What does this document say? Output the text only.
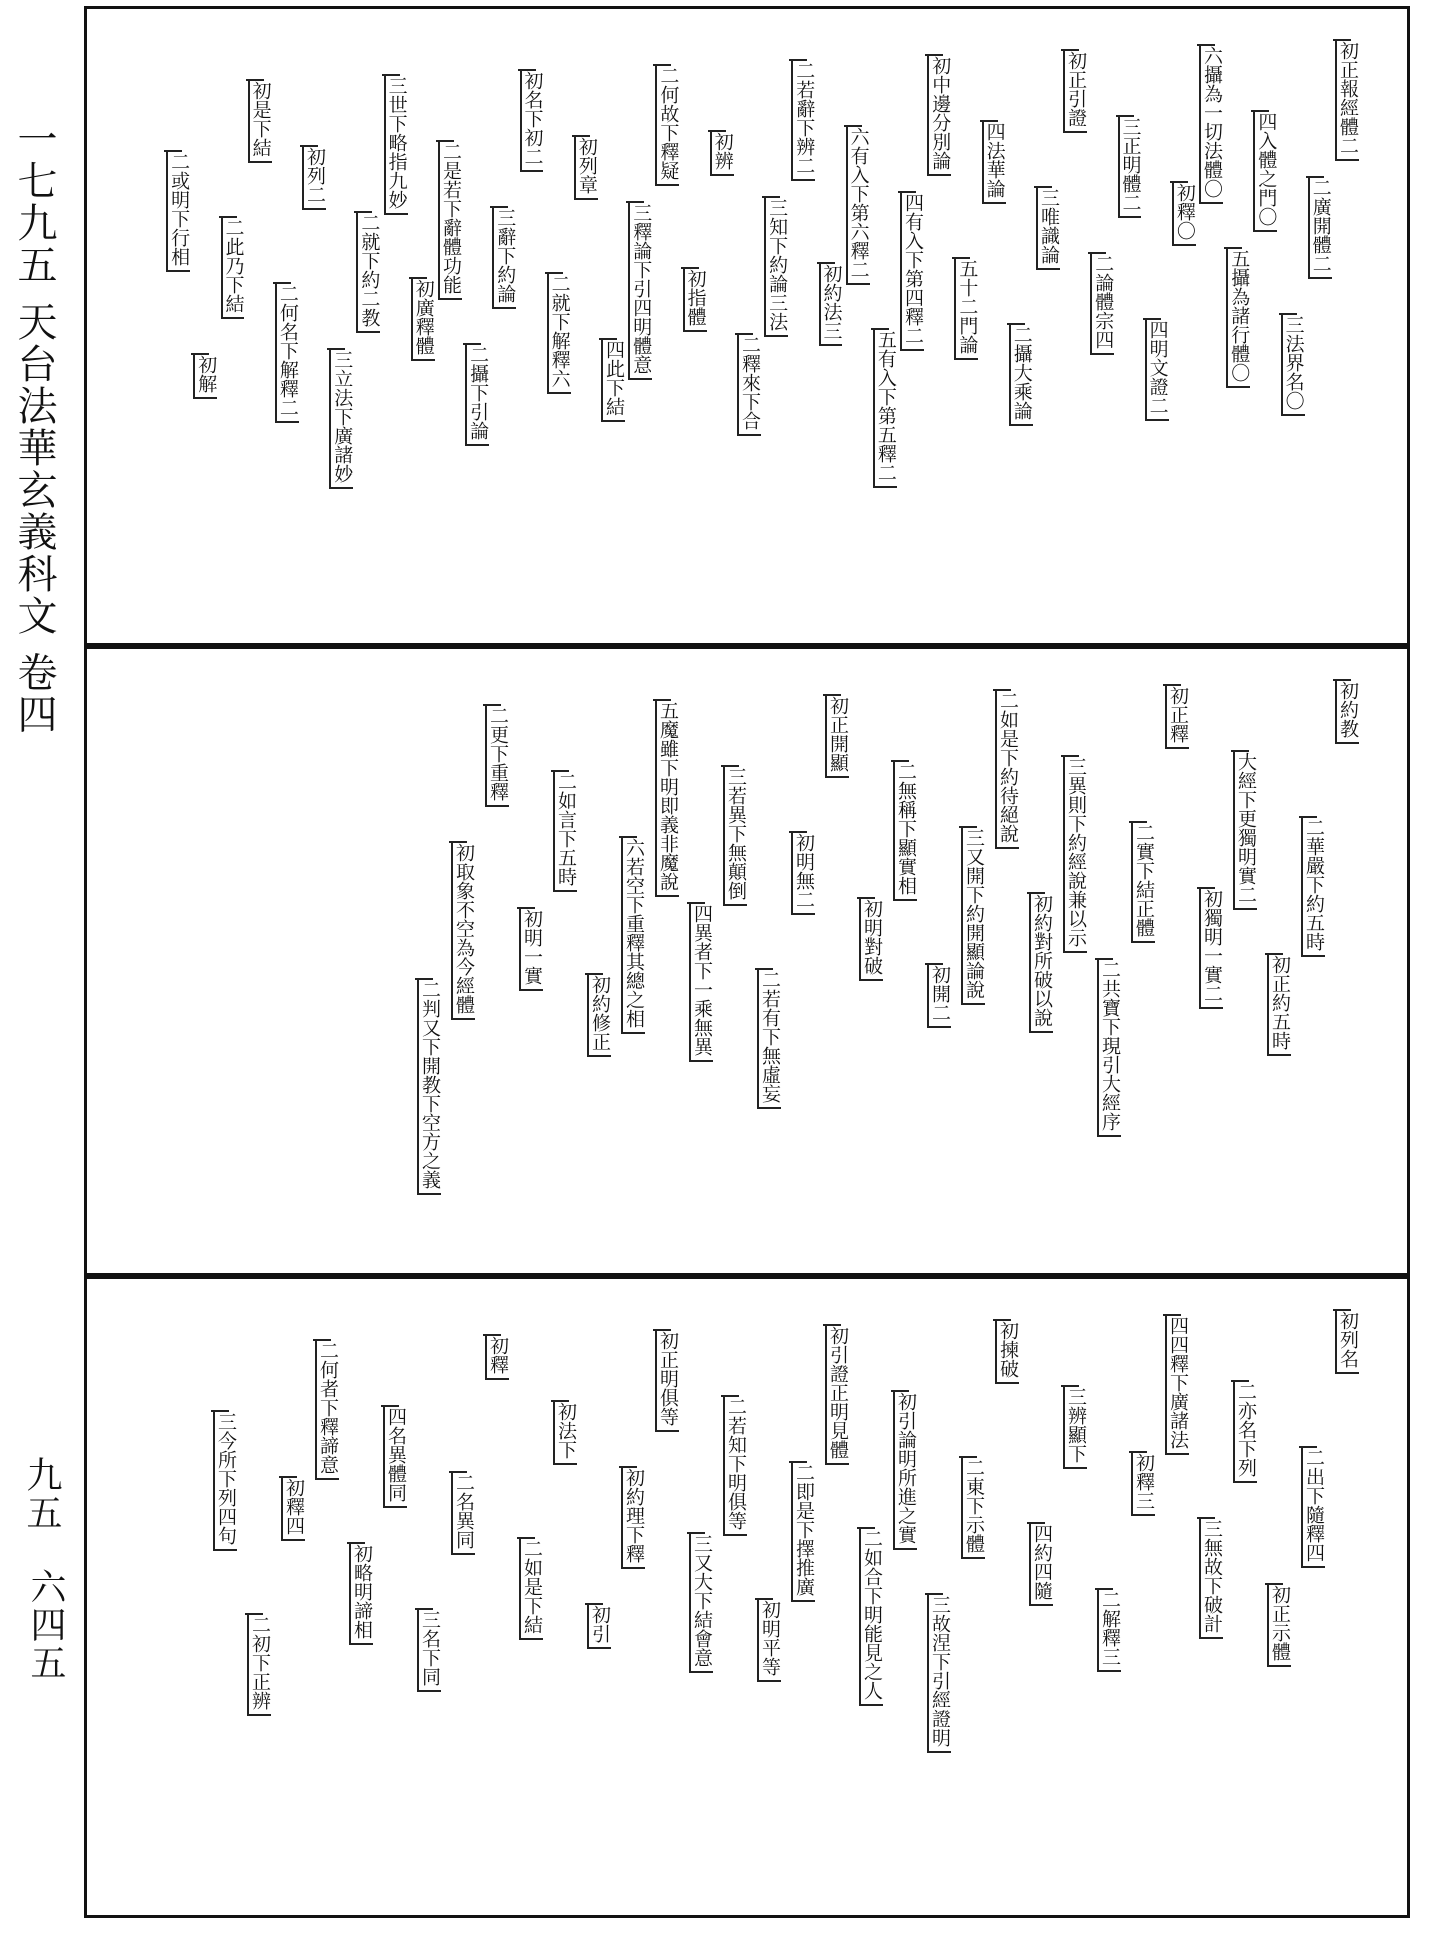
一七九五 天台法華玄義科文 卷四
九五
六四五
初正報經體二
二廣開體二
三法界名〇
四入體之門〇
五攝為諸行體〇
六攝為一切法體〇
初釋〇
四明文證二
三正明體二
二論體宗四
初正引證
三唯識論
二攝大乘論
四法華論
五十二門論
初中邊分別論
四有入下第四釋二
五有入下第五釋二
六有入下第六釋二
初約法三
二若辭下辨二
三知下約論三法
二釋來下合
初辨
初指體
二何故下釋疑
三釋論下引四明體意
四此下結
初列章
二就下解釋六
初名下初二
三辭下約論
二攝下引論
二是若下辭體功能
初廣釋體
三世下略指九妙
二就下約二教
三立法下廣諸妙
初列二
二何名下解釋二
初是下結
二此乃下結
初解
二或明下行相
初約教
二華嚴下約五時
初正約五時
大經下更獨明實二
初獨明一實二
初正釋
二實下結正體
二共寶下現引大經序
三異則下約經說兼以示
初約對所破以說
二如是下約待絕說
三又開下約開顯論說
初開二
二無稱下顯實相
初明對破
初正開顯
初明無二
二若有下無虛妄
三若異下無顛倒
四異者下一乘無異
五魔雖下明即義非魔說
六若空下重釋其總之相
初約修正
二如言下五時
初明一實
二更下重釋
初取象不空為今經體
二判又下開教下空方之義
初列名
二出下隨釋四
初正示體
二亦名下列
三無故下破計
四四釋下廣諸法
初釋三
二解釋三
三辨顯下
四約四隨
初揀破
二東下示體
三故涅下引經證明
初引論明所進之實
二如合下明能見之人
初引證正明見體
二即是下擇推廣
初明平等
二若知下明俱等
三又大下結會意
初正明俱等
初約理下釋
初引
初法下
二如是下結
初釋
二名異同
三名下同
四名異體同
初略明諦相
二何者下釋諦意
初釋四
二初下正辨
三今所下列四句
